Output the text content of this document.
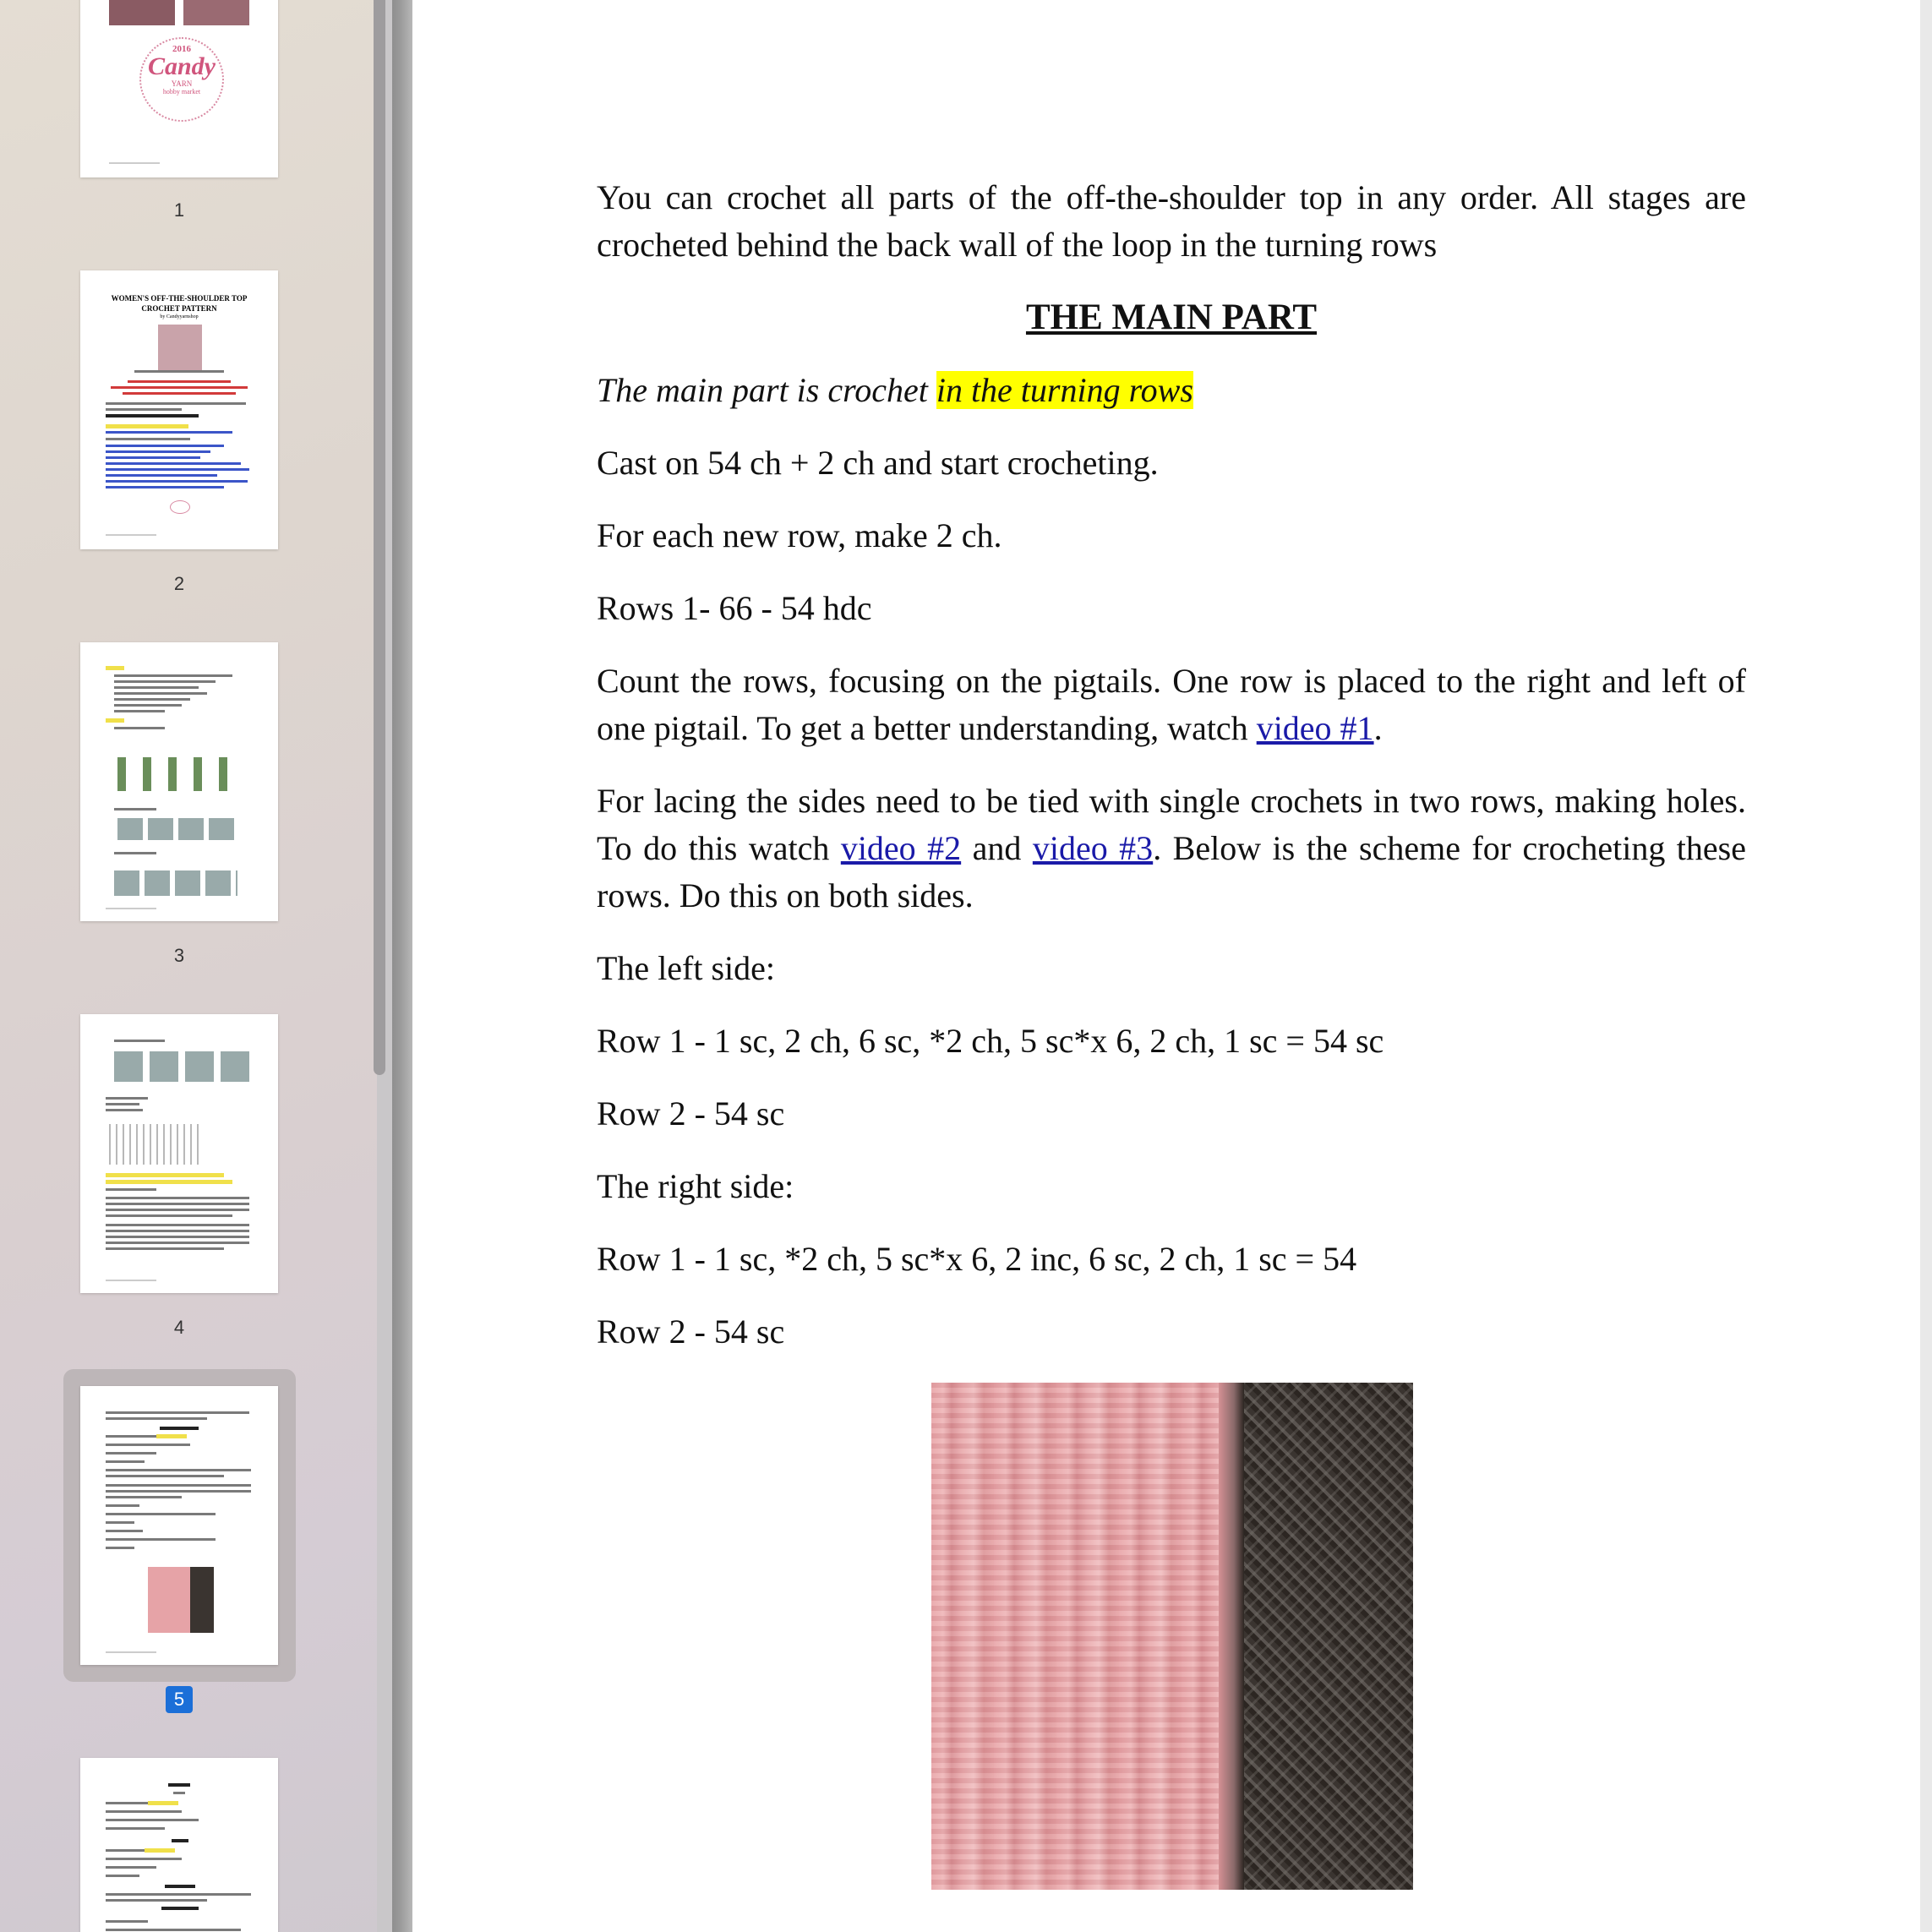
2016
Candy
YARN
hobby market
1
WOMEN'S OFF-THE-SHOULDER TOP
CROCHET PATTERN
by Candyyarnshop
2
3
4
5

You can crochet all parts of the off-the-shoulder top in any order. All stages are crocheted behind the back wall of the loop in the turning rows

THE MAIN PART

The main part is crochet in the turning rows

Cast on 54 ch + 2 ch and start crocheting.

For each new row, make 2 ch.

Rows 1- 66 - 54 hdc

Count the rows, focusing on the pigtails. One row is placed to the right and left of one pigtail. To get a better understanding, watch video #1.

For lacing the sides need to be tied with single crochets in two rows, making holes. To do this watch video #2 and video #3. Below is the scheme for crocheting these rows. Do this on both sides.

The left side:

Row 1 - 1 sc, 2 ch, 6 sc, *2 ch, 5 sc*x 6, 2 ch, 1 sc = 54 sc

Row 2 - 54 sc

The right side:

Row 1 - 1 sc, *2 ch, 5 sc*x 6, 2 inc, 6 sc, 2 ch, 1 sc = 54

Row 2 - 54 sc
